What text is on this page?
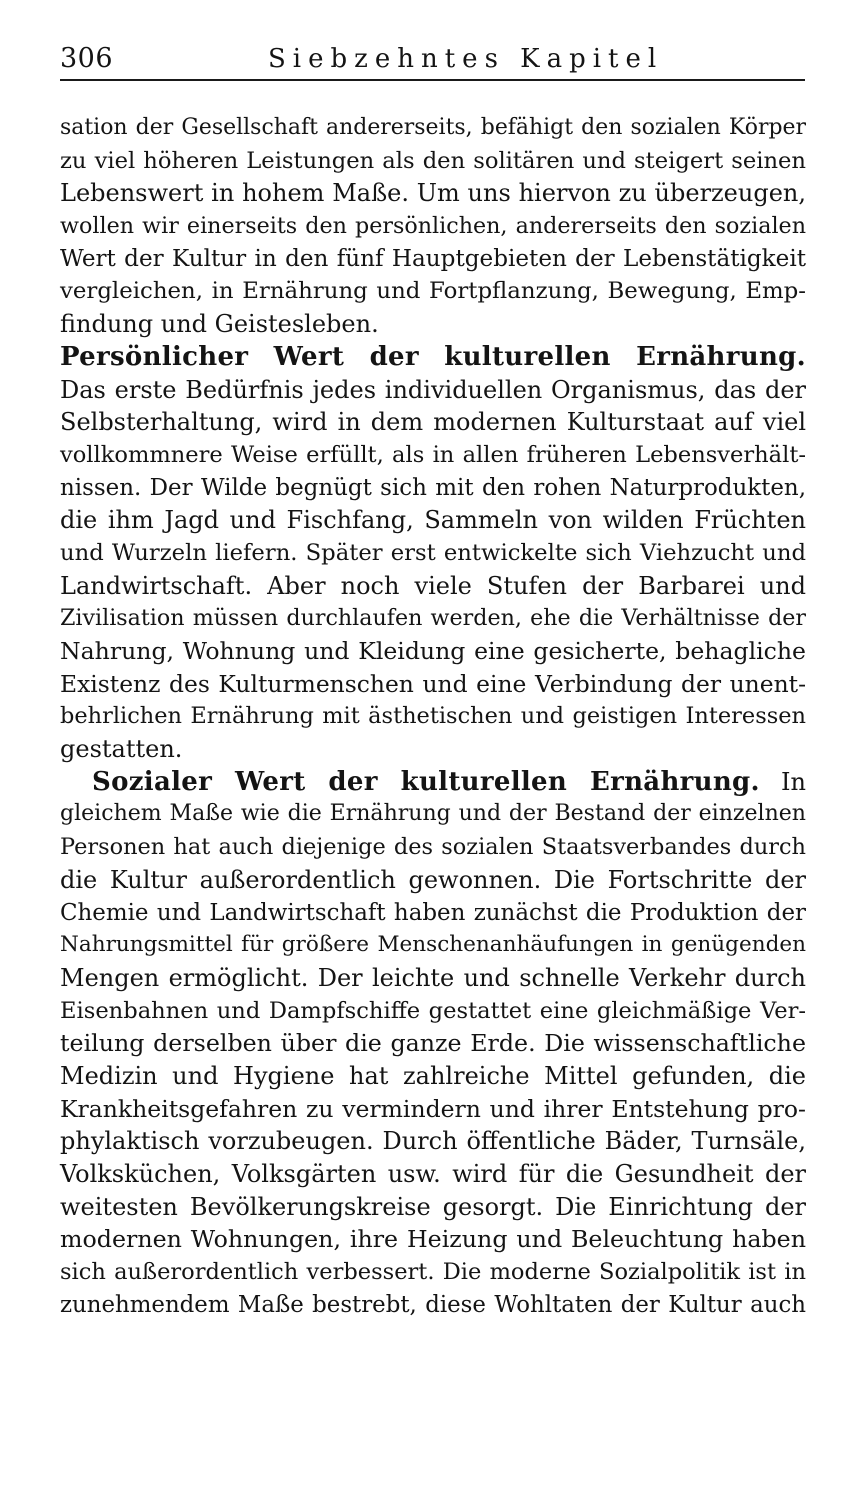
306	Siebzehntes Kapitel
sation der Gesellschaft andererseits, befähigt den sozialen Körper
zu viel höheren Leistungen als den solitären und steigert seinen
Lebenswert in hohem Maße. Um uns hiervon zu überzeugen,
wollen wir einerseits den persönlichen, andererseits den sozialen
Wert der Kultur in den fünf Hauptgebieten der Lebenstätigkeit
vergleichen, in Ernährung und Fortpflanzung, Bewegung, Emp-
findung und Geistesleben.
Persönlicher Wert der kulturellen Ernährung.
Das erste Bedürfnis jedes individuellen Organismus, das der
Selbsterhaltung, wird in dem modernen Kulturstaat auf viel
vollkommnere Weise erfüllt, als in allen früheren Lebensverhält-
nissen. Der Wilde begnügt sich mit den rohen Naturprodukten,
die ihm Jagd und Fischfang, Sammeln von wilden Früchten
und Wurzeln liefern. Später erst entwickelte sich Viehzucht und
Landwirtschaft. Aber noch viele Stufen der Barbarei und
Zivilisation müssen durchlaufen werden, ehe die Verhältnisse der
Nahrung, Wohnung und Kleidung eine gesicherte, behagliche
Existenz des Kulturmenschen und eine Verbindung der unent-
behrlichen Ernährung mit ästhetischen und geistigen Interessen
gestatten.
Sozialer Wert der kulturellen Ernährung. In
gleichem Maße wie die Ernährung und der Bestand der einzelnen
Personen hat auch diejenige des sozialen Staatsverbandes durch
die Kultur außerordentlich gewonnen. Die Fortschritte der
Chemie und Landwirtschaft haben zunächst die Produktion der
Nahrungsmittel für größere Menschenanhäufungen in genügenden
Mengen ermöglicht. Der leichte und schnelle Verkehr durch
Eisenbahnen und Dampfschiffe gestattet eine gleichmäßige Ver-
teilung derselben über die ganze Erde. Die wissenschaftliche
Medizin und Hygiene hat zahlreiche Mittel gefunden, die
Krankheitsgefahren zu vermindern und ihrer Entstehung pro-
phylaktisch vorzubeugen. Durch öffentliche Bäder, Turnsäle,
Volksküchen, Volksgärten usw. wird für die Gesundheit der
weitesten Bevölkerungskreise gesorgt. Die Einrichtung der
modernen Wohnungen, ihre Heizung und Beleuchtung haben
sich außerordentlich verbessert. Die moderne Sozialpolitik ist in
zunehmendem Maße bestrebt, diese Wohltaten der Kultur auch
